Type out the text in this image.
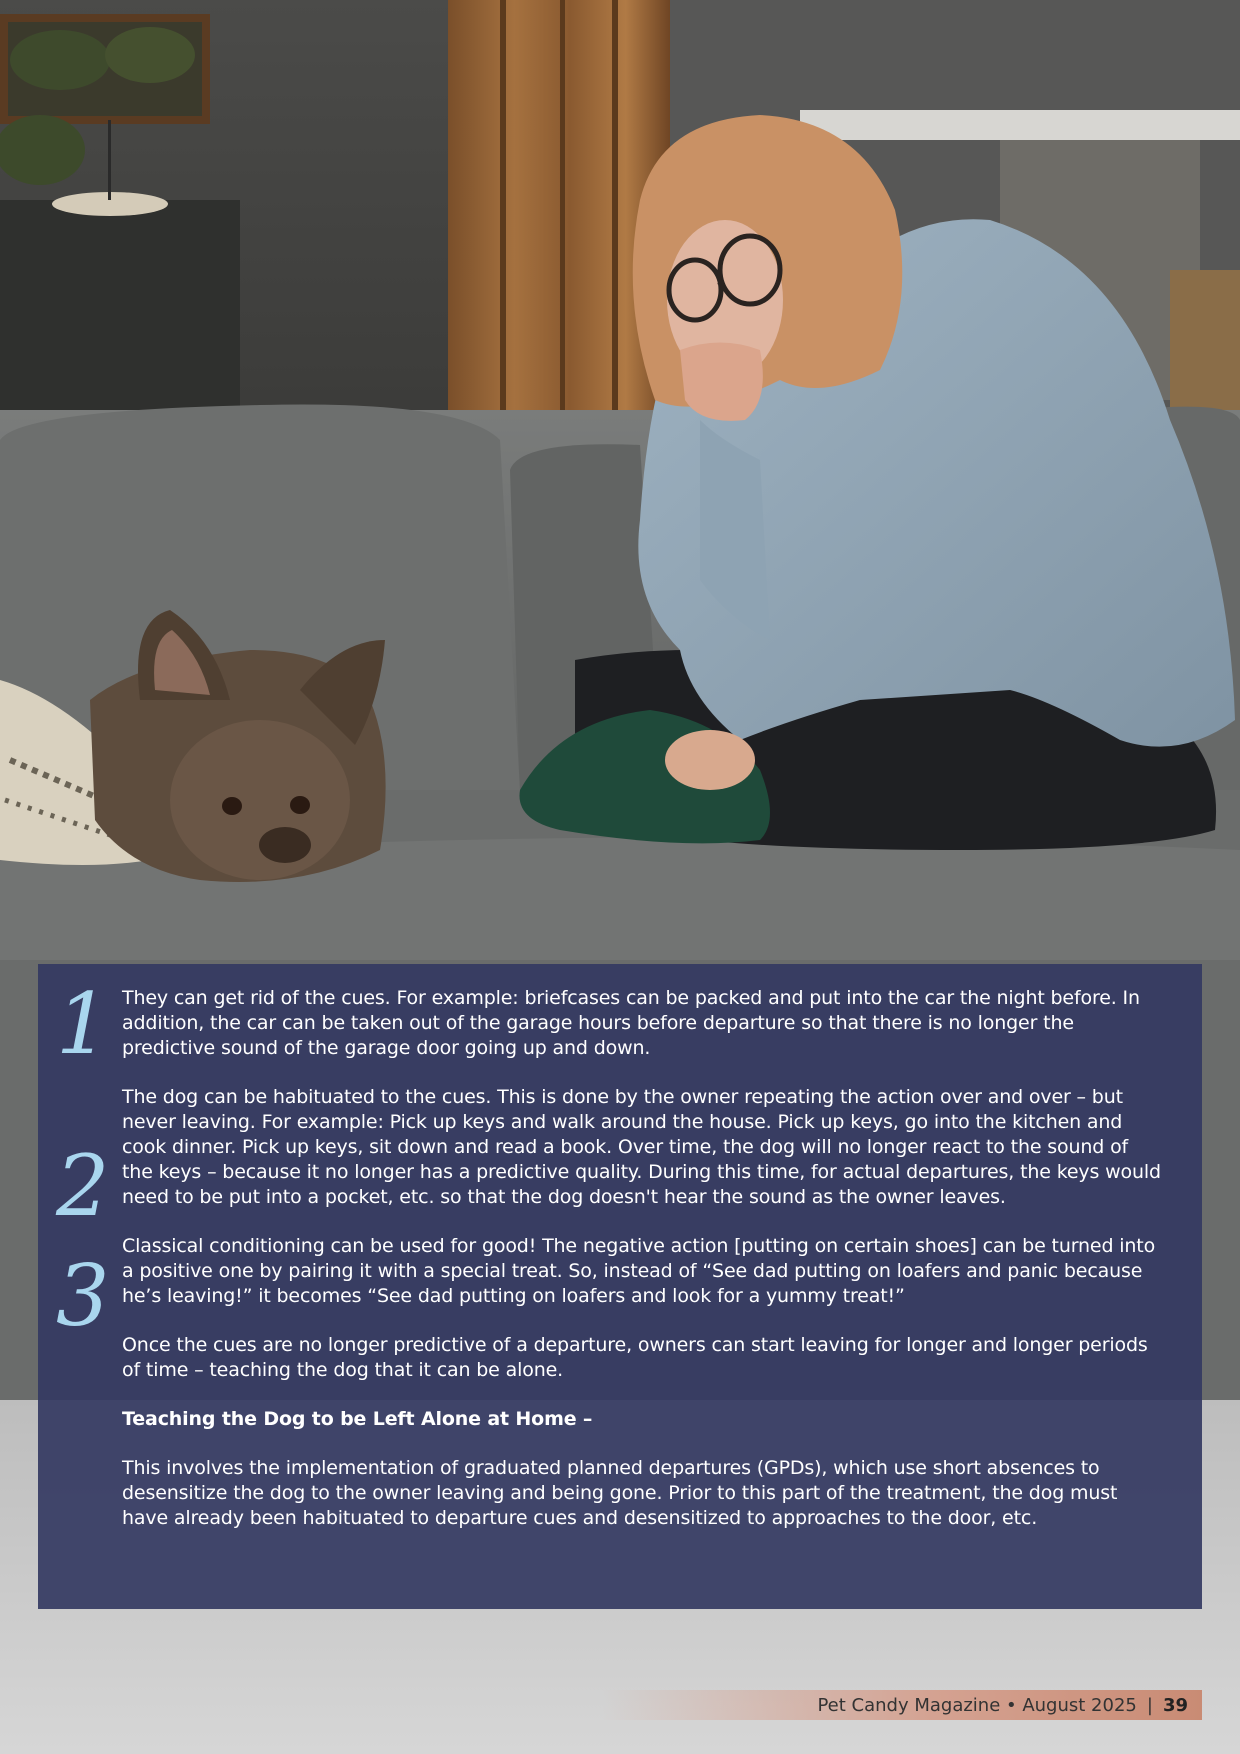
1
2
3

They can get rid of the cues. For example: briefcases can be packed and put into the car the night before. In addition, the car can be taken out of the garage hours before departure so that there is no longer the predictive sound of the garage door going up and down.

The dog can be habituated to the cues. This is done by the owner repeating the action over and over – but never leaving. For example: Pick up keys and walk around the house. Pick up keys, go into the kitchen and cook dinner. Pick up keys, sit down and read a book. Over time, the dog will no longer react to the sound of the keys – because it no longer has a predictive quality. During this time, for actual departures, the keys would need to be put into a pocket, etc. so that the dog doesn't hear the sound as the owner leaves.

Classical conditioning can be used for good! The negative action [putting on certain shoes] can be turned into a positive one by pairing it with a special treat. So, instead of “See dad putting on loafers and panic because he’s leaving!” it becomes “See dad putting on loafers and look for a yummy treat!”

Once the cues are no longer predictive of a departure, owners can start leaving for longer and longer periods of time – teaching the dog that it can be alone.

Teaching the Dog to be Left Alone at Home –

This involves the implementation of graduated planned departures (GPDs), which use short absences to desensitize the dog to the owner leaving and being gone. Prior to this part of the treatment, the dog must have already been habituated to departure cues and desensitized to approaches to the door, etc.

Pet Candy Magazine • August 2025 | 39
